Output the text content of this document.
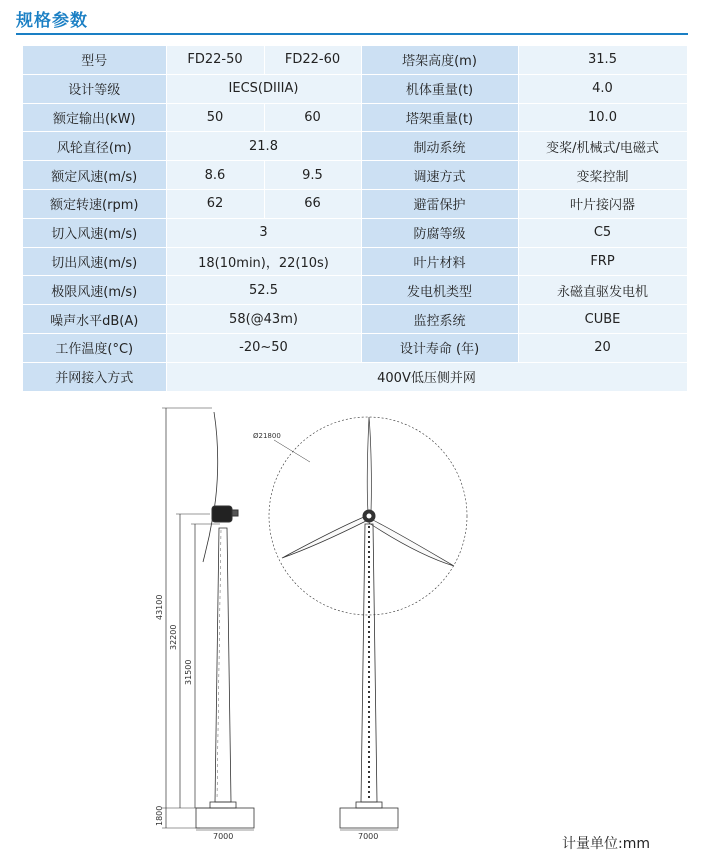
规格参数
型号	FD22-50	FD22-60	塔架高度(m)	31.5
设计等级	IECS(DIIIA)		机体重量(t)	4.0
额定输出(kW)	50	60	塔架重量(t)	10.0
风轮直径(m)	21.8		制动系统	变桨/机械式/电磁式
额定风速(m/s)	8.6	9.5	调速方式	变桨控制
额定转速(rpm)	62	66	避雷保护	叶片接闪器
切入风速(m/s)	3		防腐等级	C5
切出风速(m/s)	18(10min)，22(10s)		叶片材料	FRP
极限风速(m/s)	52.5		发电机类型	永磁直驱发电机
噪声水平dB(A)	58(@43m)		监控系统	CUBE
工作温度(°C)	-20~50		设计寿命 (年)	20
并网接入方式	400V低压侧并网			
43100
32200
31500
1800
7000
Ø21800
7000	计量单位:mm
